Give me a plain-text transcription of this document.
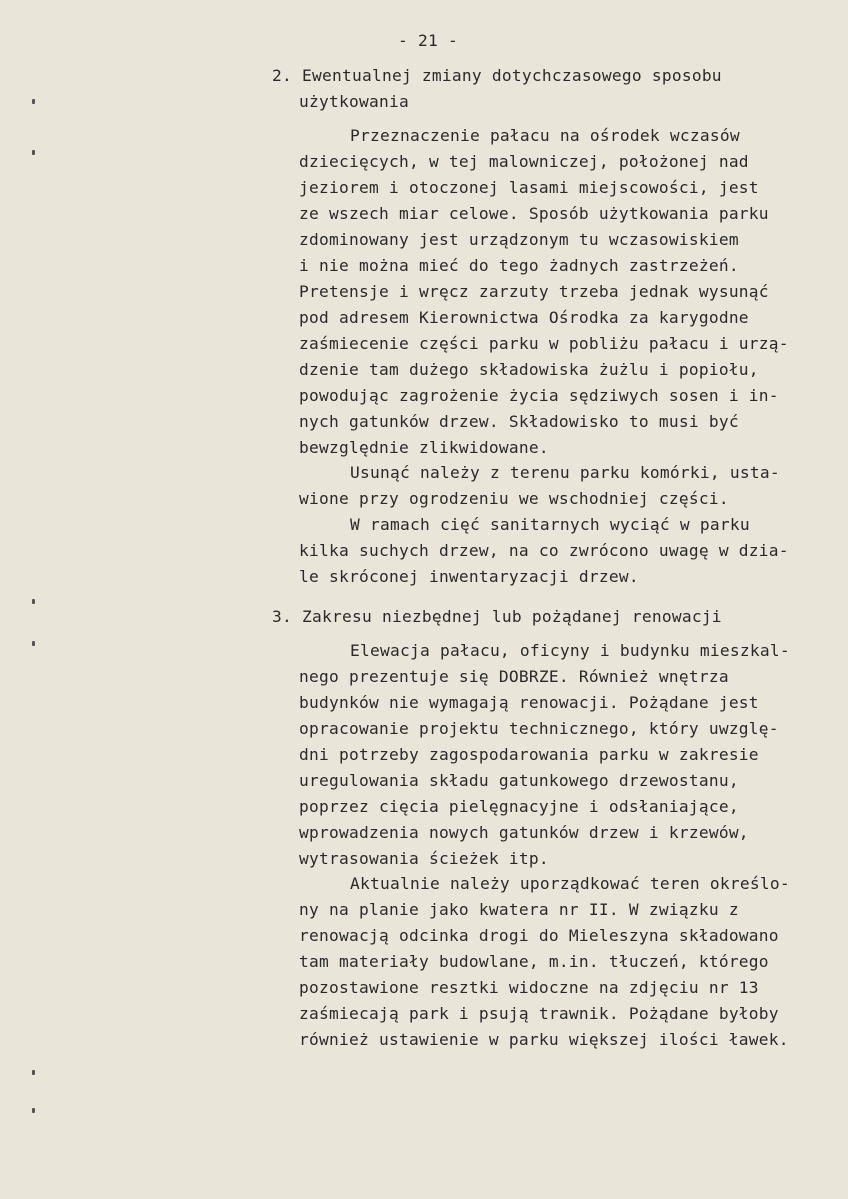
- 21 -
2. Ewentualnej zmiany dotychczasowego sposobu
użytkowania
Przeznaczenie pałacu na ośrodek wczasów
dziecięcych, w tej malowniczej, położonej nad
jeziorem i otoczonej lasami miejscowości, jest
ze wszech miar celowe. Sposób użytkowania parku
zdominowany jest urządzonym tu wczasowiskiem
i nie można mieć do tego żadnych zastrzeżeń.
Pretensje i wręcz zarzuty trzeba jednak wysunąć
pod adresem Kierownictwa Ośrodka za karygodne
zaśmiecenie części parku w pobliżu pałacu i urzą-
dzenie tam dużego składowiska żużlu i popiołu,
powodując zagrożenie życia sędziwych sosen i in-
nych gatunków drzew. Składowisko to musi być
bewzględnie zlikwidowane.
Usunąć należy z terenu parku komórki, usta-
wione przy ogrodzeniu we wschodniej części.
W ramach cięć sanitarnych wyciąć w parku
kilka suchych drzew, na co zwrócono uwagę w dzia-
le skróconej inwentaryzacji drzew.
3. Zakresu niezbędnej lub pożądanej renowacji
Elewacja pałacu, oficyny i budynku mieszkal-
nego prezentuje się DOBRZE. Również wnętrza
budynków nie wymagają renowacji. Pożądane jest
opracowanie projektu technicznego, który uwzglę-
dni potrzeby zagospodarowania parku w zakresie
uregulowania składu gatunkowego drzewostanu,
poprzez cięcia pielęgnacyjne i odsłaniające,
wprowadzenia nowych gatunków drzew i krzewów,
wytrasowania ścieżek itp.
Aktualnie należy uporządkować teren określo-
ny na planie jako kwatera nr II. W związku z
renowacją odcinka drogi do Mieleszyna składowano
tam materiały budowlane, m.in. tłuczeń, którego
pozostawione resztki widoczne na zdjęciu nr 13
zaśmiecają park i psują trawnik. Pożądane byłoby
również ustawienie w parku większej ilości ławek.
